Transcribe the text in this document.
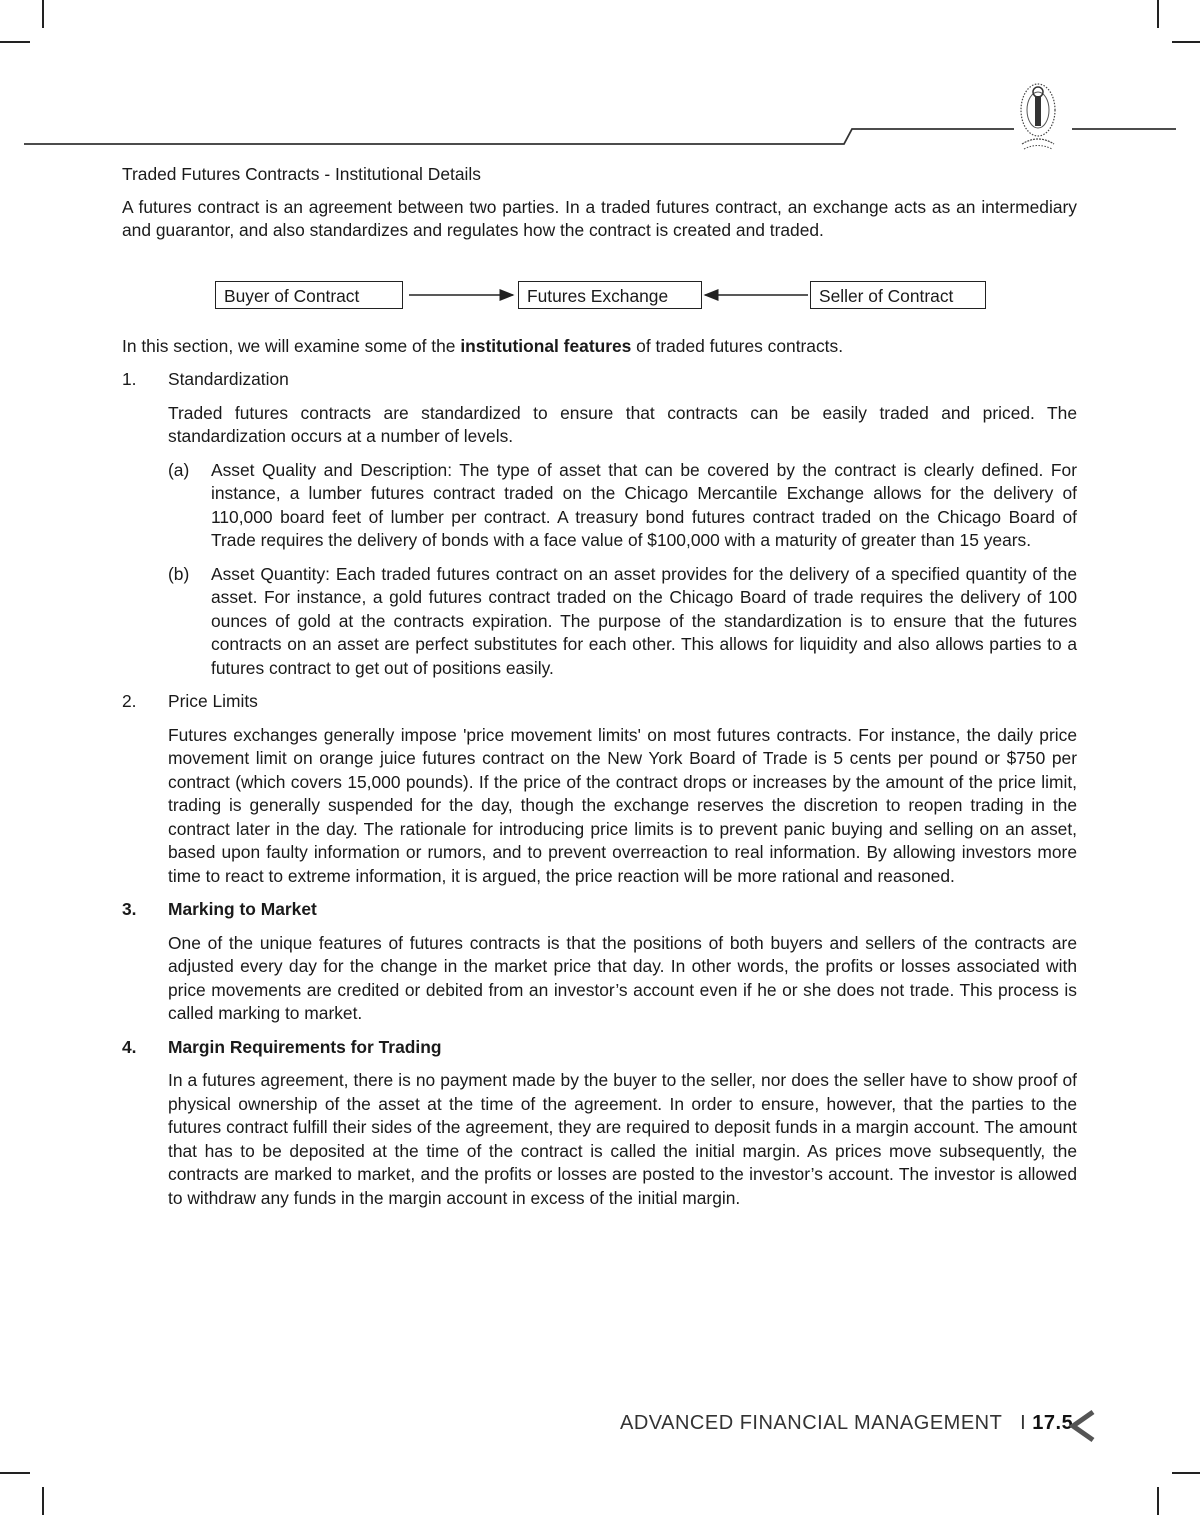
Traded Futures Contracts - Institutional Details

A futures contract is an agreement between two parties. In a traded futures contract, an exchange acts as an intermediary and guarantor, and also standardizes and regulates how the contract is created and traded.

Buyer of Contract	Futures Exchange	Seller of Contract

In this section, we will examine some of the institutional features of traded futures contracts.

1. Standardization

Traded futures contracts are standardized to ensure that contracts can be easily traded and priced. The standardization occurs at a number of levels.

(a) Asset Quality and Description: The type of asset that can be covered by the contract is clearly defined. For instance, a lumber futures contract traded on the Chicago Mercantile Exchange allows for the delivery of 110,000 board feet of lumber per contract. A treasury bond futures contract traded on the Chicago Board of Trade requires the delivery of bonds with a face value of $100,000 with a maturity of greater than 15 years.

(b) Asset Quantity: Each traded futures contract on an asset provides for the delivery of a specified quantity of the asset. For instance, a gold futures contract traded on the Chicago Board of trade requires the delivery of 100 ounces of gold at the contracts expiration. The purpose of the standardization is to ensure that the futures contracts on an asset are perfect substitutes for each other. This allows for liquidity and also allows parties to a futures contract to get out of positions easily.

2. Price Limits

Futures exchanges generally impose 'price movement limits' on most futures contracts. For instance, the daily price movement limit on orange juice futures contract on the New York Board of Trade is 5 cents per pound or $750 per contract (which covers 15,000 pounds). If the price of the contract drops or increases by the amount of the price limit, trading is generally suspended for the day, though the exchange reserves the discretion to reopen trading in the contract later in the day. The rationale for introducing price limits is to prevent panic buying and selling on an asset, based upon faulty information or rumors, and to prevent overreaction to real information. By allowing investors more time to react to extreme information, it is argued, the price reaction will be more rational and reasoned.

3. Marking to Market

One of the unique features of futures contracts is that the positions of both buyers and sellers of the contracts are adjusted every day for the change in the market price that day. In other words, the profits or losses associated with price movements are credited or debited from an investor’s account even if he or she does not trade. This process is called marking to market.

4. Margin Requirements for Trading

In a futures agreement, there is no payment made by the buyer to the seller, nor does the seller have to show proof of physical ownership of the asset at the time of the agreement. In order to ensure, however, that the parties to the futures contract fulfill their sides of the agreement, they are required to deposit funds in a margin account. The amount that has to be deposited at the time of the contract is called the initial margin. As prices move subsequently, the contracts are marked to market, and the profits or losses are posted to the investor’s account. The investor is allowed to withdraw any funds in the margin account in excess of the initial margin.

ADVANCED FINANCIAL MANAGEMENT   I 17.5
